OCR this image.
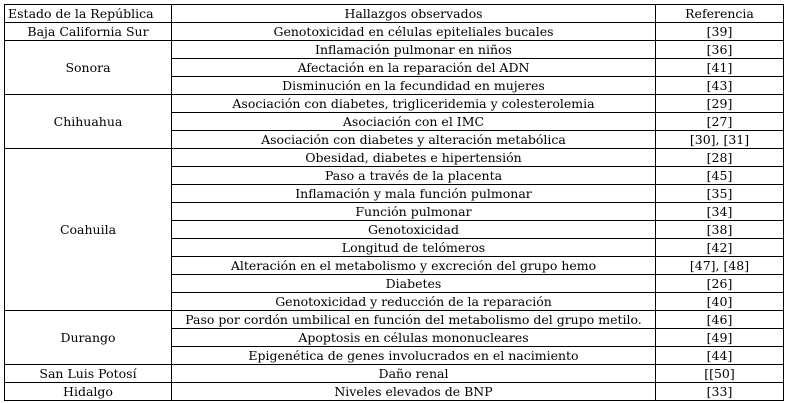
Estado de la República	Hallazgos observados	Referencia
Baja California Sur	Genotoxicidad en células epiteliales bucales	[39]
Sonora	Inflamación pulmonar en niños	[36]
	Afectación en la reparación del ADN	[41]
	Disminución en la fecundidad en mujeres	[43]
Chihuahua	Asociación con diabetes, trigliceridemia y colesterolemia	[29]
	Asociación con el IMC	[27]
	Asociación con diabetes y alteración metabólica	[30], [31]
Coahuila	Obesidad, diabetes e hipertensión	[28]
	Paso a través de la placenta	[45]
	Inflamación y mala función pulmonar	[35]
	Función pulmonar	[34]
	Genotoxicidad	[38]
	Longitud de telómeros	[42]
	Alteración en el metabolismo y excreción del grupo hemo	[47], [48]
	Diabetes	[26]
	Genotoxicidad y reducción de la reparación	[40]
Durango	Paso por cordón umbilical en función del metabolismo del grupo metilo.	[46]
	Apoptosis en células mononucleares	[49]
	Epigenética de genes involucrados en el nacimiento	[44]
San Luis Potosí	Daño renal	[[50]
Hidalgo	Niveles elevados de BNP	[33]
